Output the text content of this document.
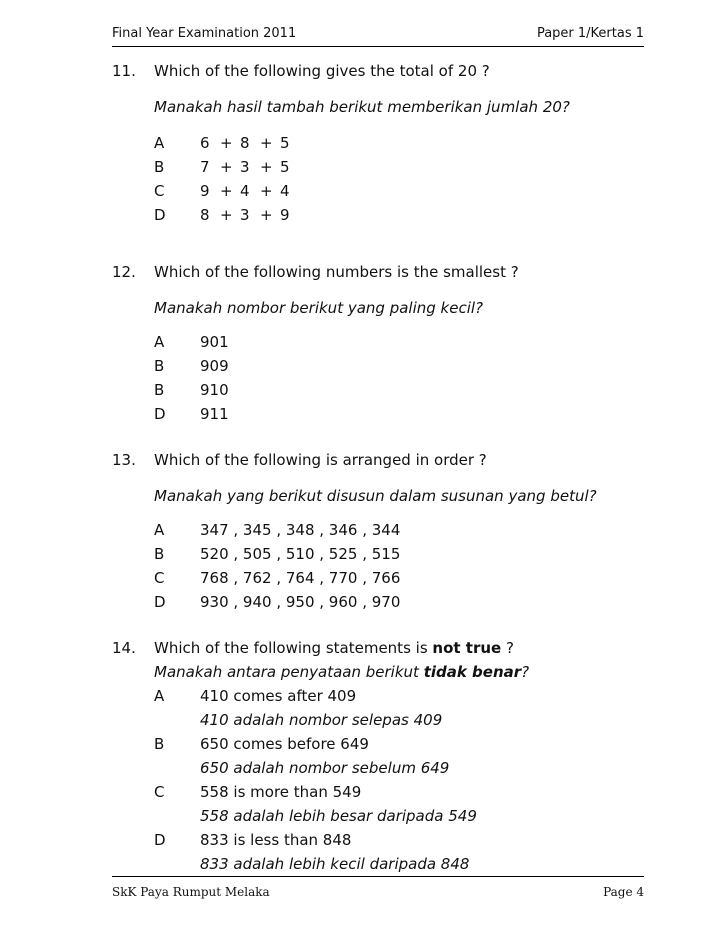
Final Year Examination 2011	Paper 1/Kertas 1
11. Which of the following gives the total of 20 ?
Manakah hasil tambah berikut memberikan jumlah 20?
A 6 + 8 + 5
B 7 + 3 + 5
C 9 + 4 + 4
D 8 + 3 + 9
12. Which of the following numbers is the smallest ?
Manakah nombor berikut yang paling kecil?
A 901
B 909
B 910
D 911
13. Which of the following is arranged in order ?
Manakah yang berikut disusun dalam susunan yang betul?
A 347 , 345 , 348 , 346 , 344
B 520 , 505 , 510 , 525 , 515
C 768 , 762 , 764 , 770 , 766
D 930 , 940 , 950 , 960 , 970
14. Which of the following statements is not true ?
Manakah antara penyataan berikut tidak benar?
A 410 comes after 409
410 adalah nombor selepas 409
B 650 comes before 649
650 adalah nombor sebelum 649
C 558 is more than 549
558 adalah lebih besar daripada 549
D 833 is less than 848
833 adalah lebih kecil daripada 848
SkK Paya Rumput Melaka	Page 4
